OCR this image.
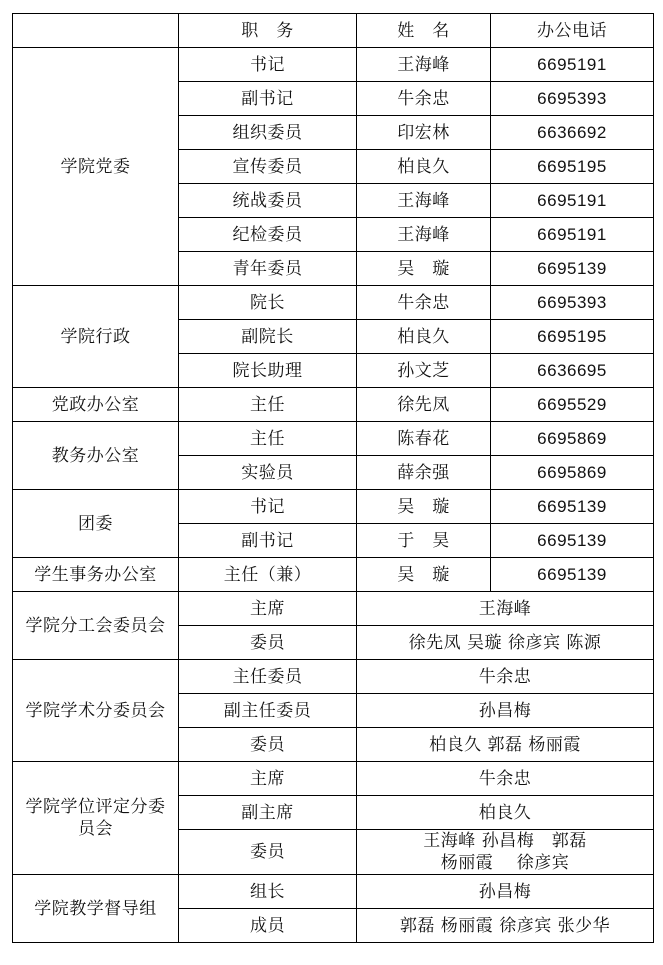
	职　务	姓　名	办公电话
学院党委	书记	王海峰	6695191
	副书记	牛余忠	6695393
	组织委员	印宏林	6636692
	宣传委员	柏良久	6695195
	统战委员	王海峰	6695191
	纪检委员	王海峰	6695191
	青年委员	吴　璇	6695139
学院行政	院长	牛余忠	6695393
	副院长	柏良久	6695195
	院长助理	孙文芝	6636695
党政办公室	主任	徐先凤	6695529
教务办公室	主任	陈春花	6695869
	实验员	薛余强	6695869
团委	书记	吴　璇	6695139
	副书记	于　昊	6695139
学生事务办公室	主任（兼）	吴　璇	6695139
学院分工会委员会	主席	王海峰	
	委员	徐先凤 吴璇 徐彦宾 陈源	
学院学术分委员会	主任委员	牛余忠	
	副主任委员	孙昌梅	
	委员	柏良久 郭磊 杨丽霞	

学院学位评定分委
员会	主席	牛余忠	
	副主席	柏良久	
	委员	王海峰 孙昌梅　郭磊
杨丽霞　 徐彦宾	

学院教学督导组	组长	孙昌梅	
	成员	郭磊 杨丽霞 徐彦宾 张少华	
